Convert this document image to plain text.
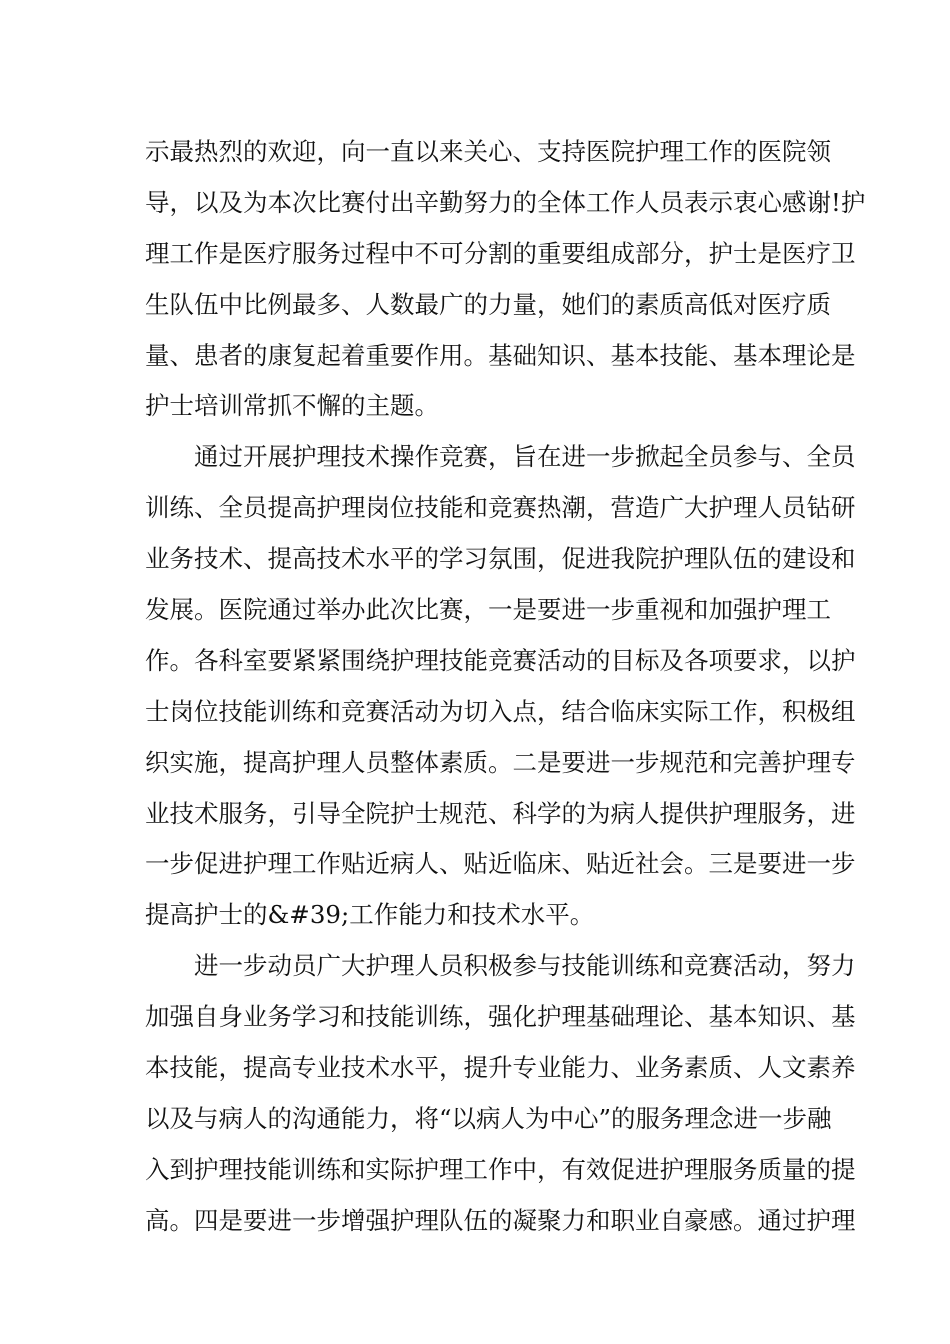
示最热烈的欢迎，向一直以来关心、支持医院护理工作的医院领
导，以及为本次比赛付出辛勤努力的全体工作人员表示衷心感谢!护
理工作是医疗服务过程中不可分割的重要组成部分，护士是医疗卫
生队伍中比例最多、人数最广的力量，她们的素质高低对医疗质
量、患者的康复起着重要作用。基础知识、基本技能、基本理论是
护士培训常抓不懈的主题。
通过开展护理技术操作竞赛，旨在进一步掀起全员参与、全员
训练、全员提高护理岗位技能和竞赛热潮，营造广大护理人员钻研
业务技术、提高技术水平的学习氛围，促进我院护理队伍的建设和
发展。医院通过举办此次比赛，一是要进一步重视和加强护理工
作。各科室要紧紧围绕护理技能竞赛活动的目标及各项要求，以护
士岗位技能训练和竞赛活动为切入点，结合临床实际工作，积极组
织实施，提高护理人员整体素质。二是要进一步规范和完善护理专
业技术服务，引导全院护士规范、科学的为病人提供护理服务，进
一步促进护理工作贴近病人、贴近临床、贴近社会。三是要进一步
提高护士的&#39;工作能力和技术水平。
进一步动员广大护理人员积极参与技能训练和竞赛活动，努力
加强自身业务学习和技能训练，强化护理基础理论、基本知识、基
本技能，提高专业技术水平，提升专业能力、业务素质、人文素养
以及与病人的沟通能力，将“以病人为中心”的服务理念进一步融
入到护理技能训练和实际护理工作中，有效促进护理服务质量的提
高。四是要进一步增强护理队伍的凝聚力和职业自豪感。通过护理
